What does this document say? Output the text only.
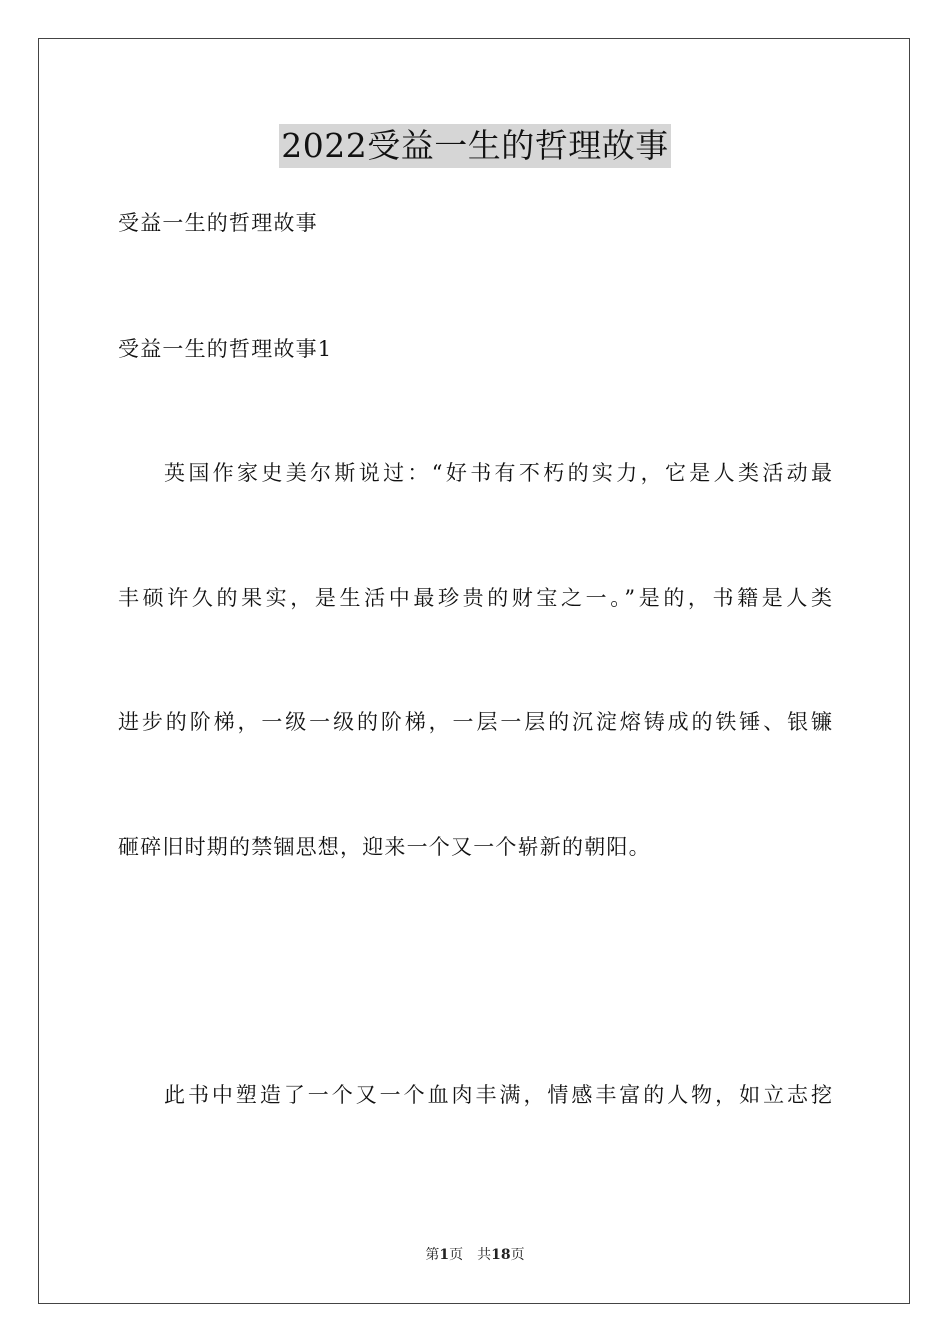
2022受益一生的哲理故事
受益一生的哲理故事
受益一生的哲理故事1
英国作家史美尔斯说过：“好书有不朽的实力，它是人类活动最
丰硕许久的果实，是生活中最珍贵的财宝之一。”是的，书籍是人类
进步的阶梯，一级一级的阶梯，一层一层的沉淀熔铸成的铁锤、银镰
砸碎旧时期的禁锢思想，迎来一个又一个崭新的朝阳。
此书中塑造了一个又一个血肉丰满，情感丰富的人物，如立志挖
第1页 共18页
